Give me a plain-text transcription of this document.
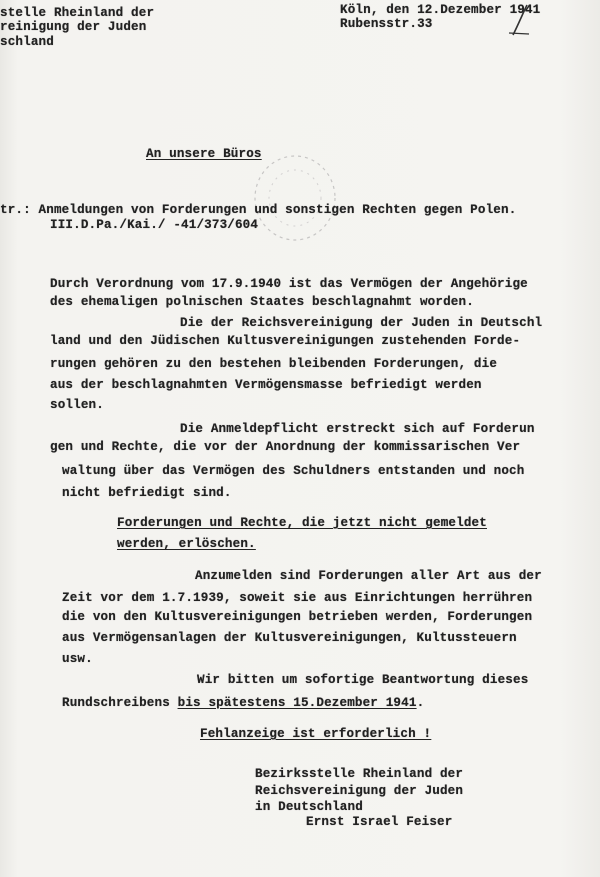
stelle Rheinland der
reinigung der Juden
schland
Köln, den 12.Dezember 1941
Rubensstr.33
An unsere Büros
tr.: Anmeldungen von Forderungen und sonstigen Rechten gegen Polen.
III.D.Pa./Kai./ -41/373/604
Durch Verordnung vom 17.9.1940 ist das Vermögen der Angehörige
des ehemaligen polnischen Staates beschlagnahmt worden.
Die der Reichsvereinigung der Juden in Deutschl
land und den Jüdischen Kultusvereinigungen zustehenden Forde-
rungen gehören zu den bestehen bleibenden Forderungen, die
aus der beschlagnahmten Vermögensmasse befriedigt werden
sollen.
Die Anmeldepflicht erstreckt sich auf Forderun
gen und Rechte, die vor der Anordnung der kommissarischen Ver
waltung über das Vermögen des Schuldners entstanden und noch
nicht befriedigt sind.
Forderungen und Rechte, die jetzt nicht gemeldet
werden, erlöschen.
Anzumelden sind Forderungen aller Art aus der
Zeit vor dem 1.7.1939, soweit sie aus Einrichtungen herrühren
die von den Kultusvereinigungen betrieben werden, Forderungen
aus Vermögensanlagen der Kultusvereinigungen, Kultussteuern
usw.
Wir bitten um sofortige Beantwortung dieses
Rundschreibens bis spätestens 15.Dezember 1941.
Fehlanzeige ist erforderlich !
Bezirksstelle Rheinland der
Reichsvereinigung der Juden
in Deutschland
Ernst Israel Feiser
